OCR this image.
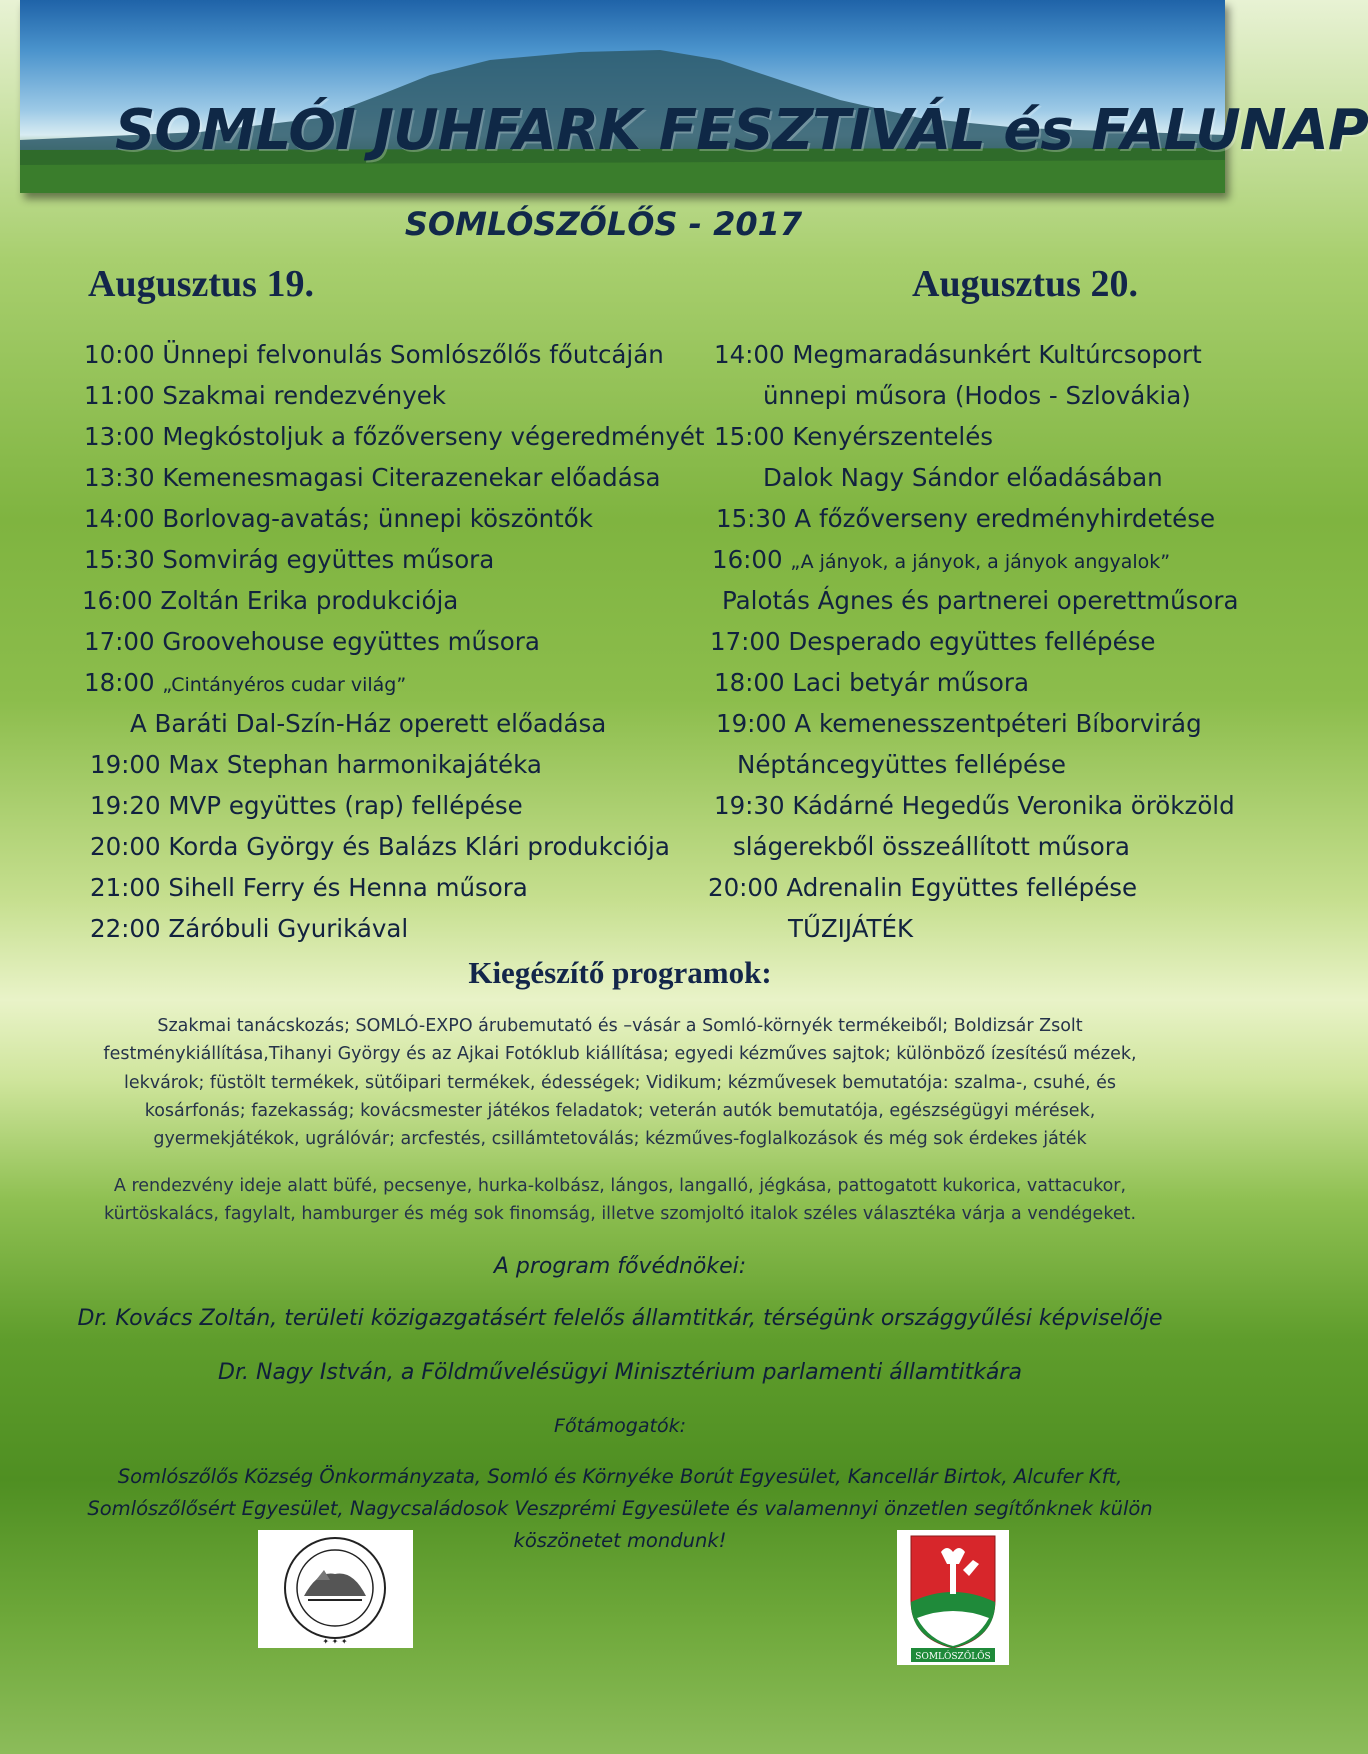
SOMLÓI JUHFARK FESZTIVÁL és FALUNAP
SOMLÓSZŐLŐS - 2017
Augusztus 19.	Augusztus 20.
10:00 Ünnepi felvonulás Somlószőlős főutcáján
11:00 Szakmai rendezvények
13:00 Megkóstoljuk a főzőverseny végeredményét
13:30 Kemenesmagasi Citerazenekar előadása
14:00 Borlovag-avatás; ünnepi köszöntők
15:30 Somvirág együttes műsora
16:00 Zoltán Erika produkciója
17:00 Groovehouse együttes műsora
18:00 „Cintányéros cudar világ”
A Baráti Dal-Szín-Ház operett előadása
19:00 Max Stephan harmonikajátéka
19:20 MVP együttes (rap) fellépése
20:00 Korda György és Balázs Klári produkciója
21:00 Sihell Ferry és Henna műsora
22:00 Záróbuli Gyurikával
14:00 Megmaradásunkért Kultúrcsoport
ünnepi műsora (Hodos - Szlovákia)
15:00 Kenyérszentelés
Dalok Nagy Sándor előadásában
15:30 A főzőverseny eredményhirdetése
16:00 „A jányok, a jányok, a jányok angyalok”
Palotás Ágnes és partnerei operettműsora
17:00 Desperado együttes fellépése
18:00 Laci betyár műsora
19:00 A kemenesszentpéteri Bíborvirág
Néptáncegyüttes fellépése
19:30 Kádárné Hegedűs Veronika örökzöld
slágerekből összeállított műsora
20:00 Adrenalin Együttes fellépése
TŰZIJÁTÉK
Kiegészítő programok:
Szakmai tanácskozás; SOMLÓ-EXPO árubemutató és –vásár a Somló-környék termékeiből; Boldizsár Zsolt festménykiállítása,Tihanyi György és az Ajkai Fotóklub kiállítása; egyedi kézműves sajtok; különböző ízesítésű mézek, lekvárok; füstölt termékek, sütőipari termékek, édességek; Vidikum; kézművesek bemutatója: szalma-, csuhé, és kosárfonás; fazekasság; kovácsmester játékos feladatok; veterán autók bemutatója, egészségügyi mérések, gyermekjátékok, ugrálóvár; arcfestés, csillámtetoválás; kézműves-foglalkozások és még sok érdekes játék
A rendezvény ideje alatt büfé, pecsenye, hurka-kolbász, lángos, langalló, jégkása, pattogatott kukorica, vattacukor, kürtöskalács, fagylalt, hamburger és még sok finomság, illetve szomjoltó italok széles választéka várja a vendégeket.
A program fővédnökei:
Dr. Kovács Zoltán, területi közigazgatásért felelős államtitkár, térségünk országgyűlési képviselője
Dr. Nagy István, a Földművelésügyi Minisztérium parlamenti államtitkára
Főtámogatók:
Somlószőlős Község Önkormányzata, Somló és Környéke Borút Egyesület, Kancellár Birtok, Alcufer Kft,
Somlószőlősért Egyesület, Nagycsaládosok Veszprémi Egyesülete és valamennyi önzetlen segítőnknek külön
köszönetet mondunk!
✦ ✦ ✦
SOMLÓSZŐLŐS
